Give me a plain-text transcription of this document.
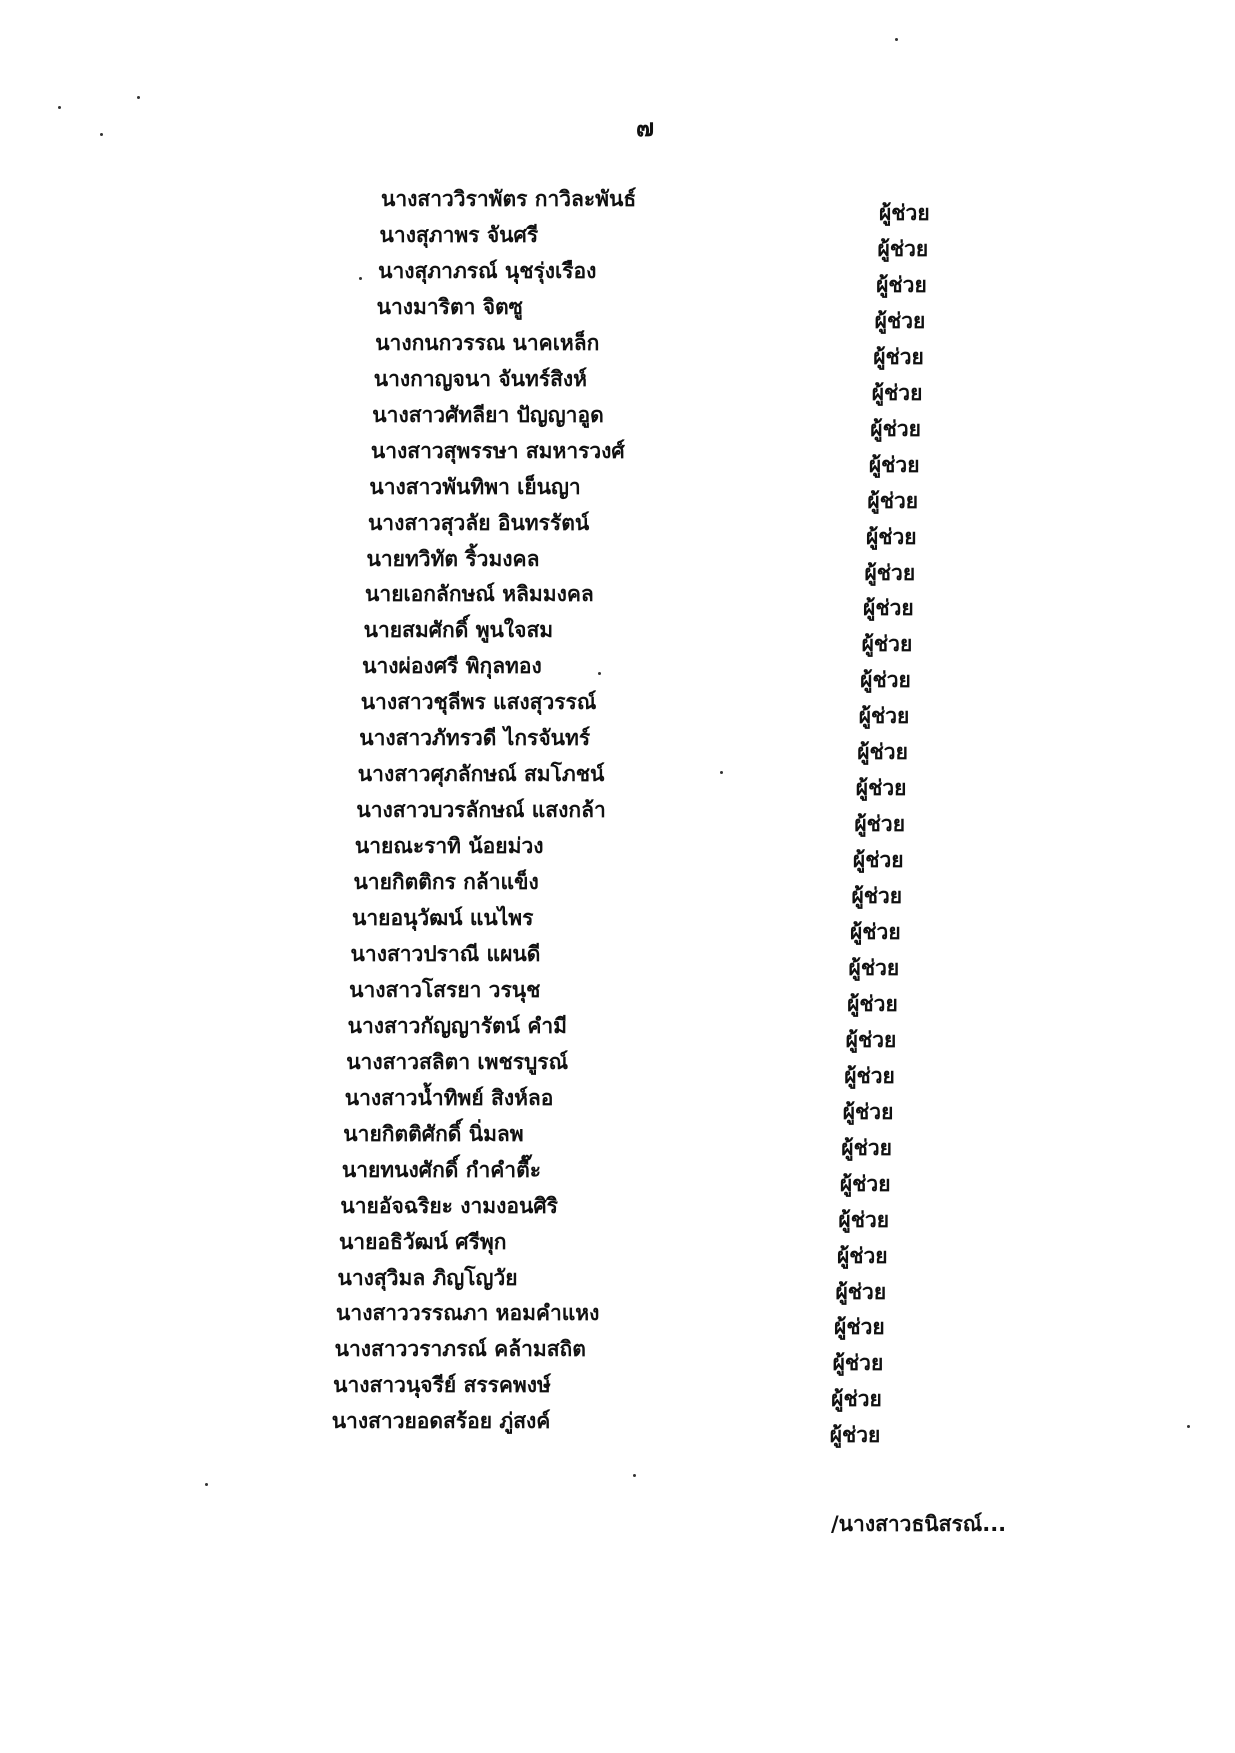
๗
นางสาววิราพัตร กาวิละพันธ์
ผู้ช่วย
นางสุภาพร จันศรี
ผู้ช่วย
นางสุภาภรณ์ นุชรุ่งเรือง
ผู้ช่วย
นางมาริตา จิตซู
ผู้ช่วย
นางกนกวรรณ นาคเหล็ก
ผู้ช่วย
นางกาญจนา จันทร์สิงห์
ผู้ช่วย
นางสาวศัทลียา ปัญญาอูด
ผู้ช่วย
นางสาวสุพรรษา สมหารวงศ์
ผู้ช่วย
นางสาวพันทิพา เย็นญา
ผู้ช่วย
นางสาวสุวลัย อินทรรัตน์
ผู้ช่วย
นายทวิทัต ริ้วมงคล
ผู้ช่วย
นายเอกลักษณ์ หลิมมงคล
ผู้ช่วย
นายสมศักดิ์ พูนใจสม
ผู้ช่วย
นางผ่องศรี พิกุลทอง
ผู้ช่วย
นางสาวชุลีพร แสงสุวรรณ์
ผู้ช่วย
นางสาวภัทรวดี ไกรจันทร์
ผู้ช่วย
นางสาวศุภลักษณ์ สมโภชน์
ผู้ช่วย
นางสาวบวรลักษณ์ แสงกล้า
ผู้ช่วย
นายณะราทิ น้อยม่วง
ผู้ช่วย
นายกิตติกร กล้าแข็ง
ผู้ช่วย
นายอนุวัฒน์ แนไพร
ผู้ช่วย
นางสาวปราณี แผนดี
ผู้ช่วย
นางสาวโสรยา วรนุช
ผู้ช่วย
นางสาวกัญญารัตน์ คำมี
ผู้ช่วย
นางสาวสลิตา เพชรบูรณ์
ผู้ช่วย
นางสาวน้ำทิพย์ สิงห์ลอ
ผู้ช่วย
นายกิตติศักดิ์ นิ่มลพ
ผู้ช่วย
นายทนงศักดิ์ กำคำตื๊ะ
ผู้ช่วย
นายอัจฉริยะ งามงอนศิริ
ผู้ช่วย
นายอธิวัฒน์ ศรีพุก
ผู้ช่วย
นางสุวิมล ภิญโญวัย
ผู้ช่วย
นางสาววรรณภา หอมคำแหง
ผู้ช่วย
นางสาววราภรณ์ คล้ามสถิต
ผู้ช่วย
นางสาวนุจรีย์ สรรคพงษ์
ผู้ช่วย
นางสาวยอดสร้อย ภู่สงค์
ผู้ช่วย
/นางสาวธนิสรณ์...
